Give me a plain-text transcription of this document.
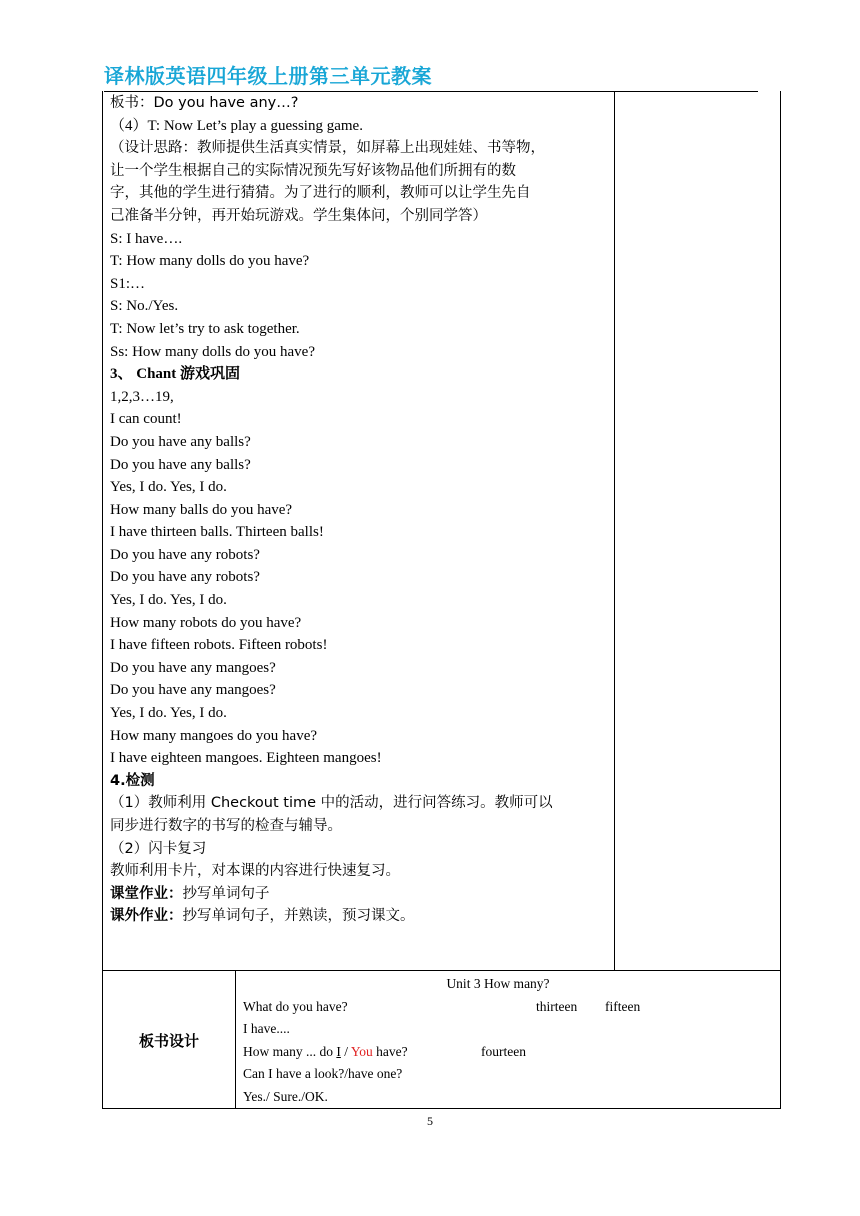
译林版英语四年级上册第三单元教案
板书：Do you have any…?
（4）T: Now Let’s play a guessing game.
（设计思路：教师提供生活真实情景，如屏幕上出现娃娃、书等物，
让一个学生根据自己的实际情况预先写好该物品他们所拥有的数
字，其他的学生进行猜猜。为了进行的顺利，教师可以让学生先自
己准备半分钟，再开始玩游戏。学生集体问，个别同学答）
S: I have….
T: How many dolls do you have?
S1:…
S: No./Yes.
T: Now let’s try to ask together.
Ss: How many dolls do you have?
3、 Chant 游戏巩固
1,2,3…19,
I can count!
Do you have any balls?
Do you have any balls?
Yes, I do. Yes, I do.
How many balls do you have?
I have thirteen balls. Thirteen balls!
Do you have any robots?
Do you have any robots?
Yes, I do. Yes, I do.
How many robots do you have?
I have fifteen robots. Fifteen robots!
Do you have any mangoes?
Do you have any mangoes?
Yes, I do. Yes, I do.
How many mangoes do you have?
I have eighteen mangoes. Eighteen mangoes!
4.检测
（1）教师利用 Checkout time 中的活动，进行问答练习。教师可以
同步进行数字的书写的检查与辅导。
（2）闪卡复习
教师利用卡片，对本课的内容进行快速复习。
课堂作业：抄写单词句子
课外作业：抄写单词句子，并熟读，预习课文。
板书设计
Unit 3 How many?
What do you have?	thirteen fifteen
I have....
How many ... do I / You have?	fourteen
Can I have a look?/have one?
Yes./ Sure./OK.
5
